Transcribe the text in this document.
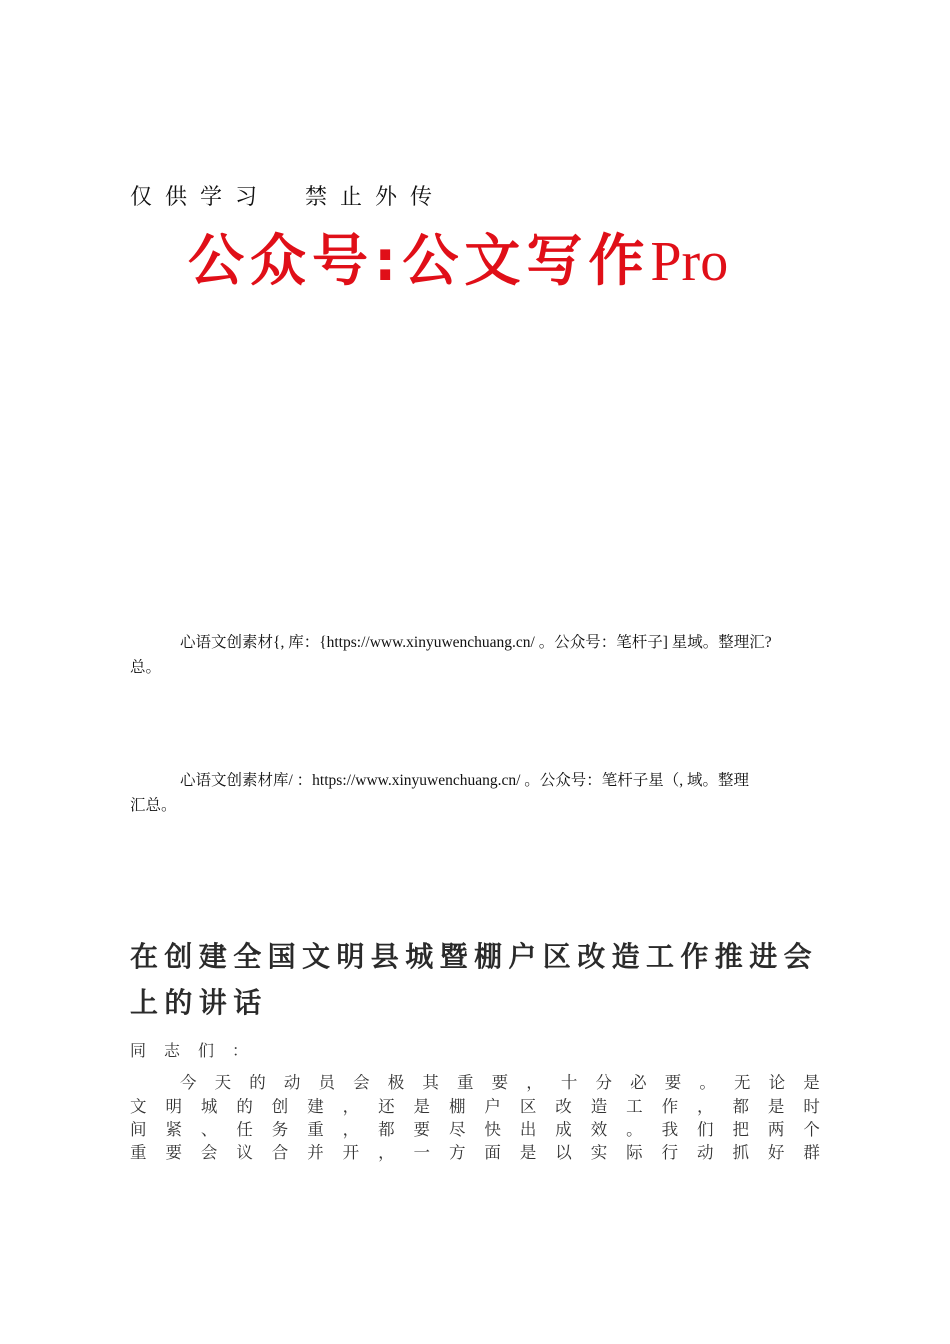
仅供学习　禁止外传
公众号:公文写作Pro
心语文创素材{, 库：{https://www.xinyuwenchuang.cn/ 。公众号：笔杆子] 星域。整理汇?
总。
心语文创素材库/ ：https://www.xinyuwenchuang.cn/ 。公众号：笔杆子星（, 域。整理
汇总。
在创建全国文明县城暨棚户区改造工作推进会上的讲话
同志们：
今 天 的 动 员 会 极 其 重 要 ， 十 分 必 要 。 无 论 是
文 明 城 的 创 建 ， 还 是 棚 户 区 改 造 工 作 ， 都 是 时
间 紧 、 任 务 重 ， 都 要 尽 快 出 成 效 。 我 们 把 两 个
重 要 会 议 合 并 开 ， 一 方 面 是 以 实 际 行 动 抓 好 群
